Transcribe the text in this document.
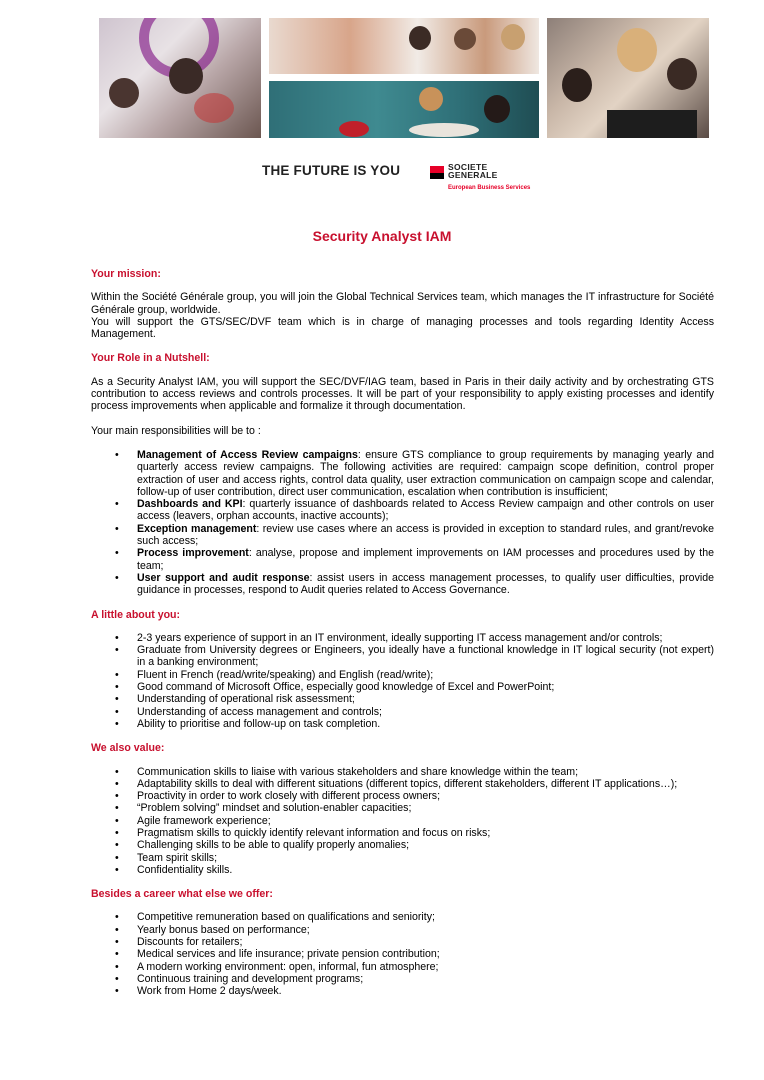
THE FUTURE IS YOU	SOCIETE
GENERALE
European Business Services
Security Analyst IAM
Your mission:

Within the Société Générale group, you will join the Global Technical Services team, which manages the IT infrastructure for Société Générale group, worldwide.
You will support the GTS/SEC/DVF team which is in charge of managing processes and tools regarding Identity Access Management.

Your Role in a Nutshell:

As a Security Analyst IAM, you will support the SEC/DVF/IAG team, based in Paris in their daily activity and by orchestrating GTS contribution to access reviews and controls processes. It will be part of your responsibility to apply existing processes and identify process improvements when applicable and formalize it through documentation.

Your main responsibilities will be to :

• Management of Access Review campaigns: ensure GTS compliance to group requirements by managing yearly and quarterly access review campaigns. The following activities are required: campaign scope definition, control proper extraction of user and access rights, control data quality, user extraction communication on campaign scope and calendar, follow-up of user contribution, direct user communication, escalation when contribution is insufficient;
• Dashboards and KPI: quarterly issuance of dashboards related to Access Review campaign and other controls on user access (leavers, orphan accounts, inactive accounts);
• Exception management: review use cases where an access is provided in exception to standard rules, and grant/revoke such access;
• Process improvement: analyse, propose and implement improvements on IAM processes and procedures used by the team;
• User support and audit response: assist users in access management processes, to qualify user difficulties, provide guidance in processes, respond to Audit queries related to Access Governance.
A little about you:
• 2-3 years experience of support in an IT environment, ideally supporting IT access management and/or controls;
• Graduate from University degrees or Engineers, you ideally have a functional knowledge in IT logical security (not expert) in a banking environment;
• Fluent in French (read/write/speaking) and English (read/write);
• Good command of Microsoft Office, especially good knowledge of Excel and PowerPoint;
• Understanding of operational risk assessment;
• Understanding of access management and controls;
• Ability to prioritise and follow-up on task completion.
We also value:
• Communication skills to liaise with various stakeholders and share knowledge within the team;
• Adaptability skills to deal with different situations (different topics, different stakeholders, different IT applications…);
• Proactivity in order to work closely with different process owners;
• “Problem solving” mindset and solution-enabler capacities;
• Agile framework experience;
• Pragmatism skills to quickly identify relevant information and focus on risks;
• Challenging skills to be able to qualify properly anomalies;
• Team spirit skills;
• Confidentiality skills.
Besides a career what else we offer:
• Competitive remuneration based on qualifications and seniority;
• Yearly bonus based on performance;
• Discounts for retailers;
• Medical services and life insurance; private pension contribution;
• A modern working environment: open, informal, fun atmosphere;
• Continuous training and development programs;
• Work from Home 2 days/week.
